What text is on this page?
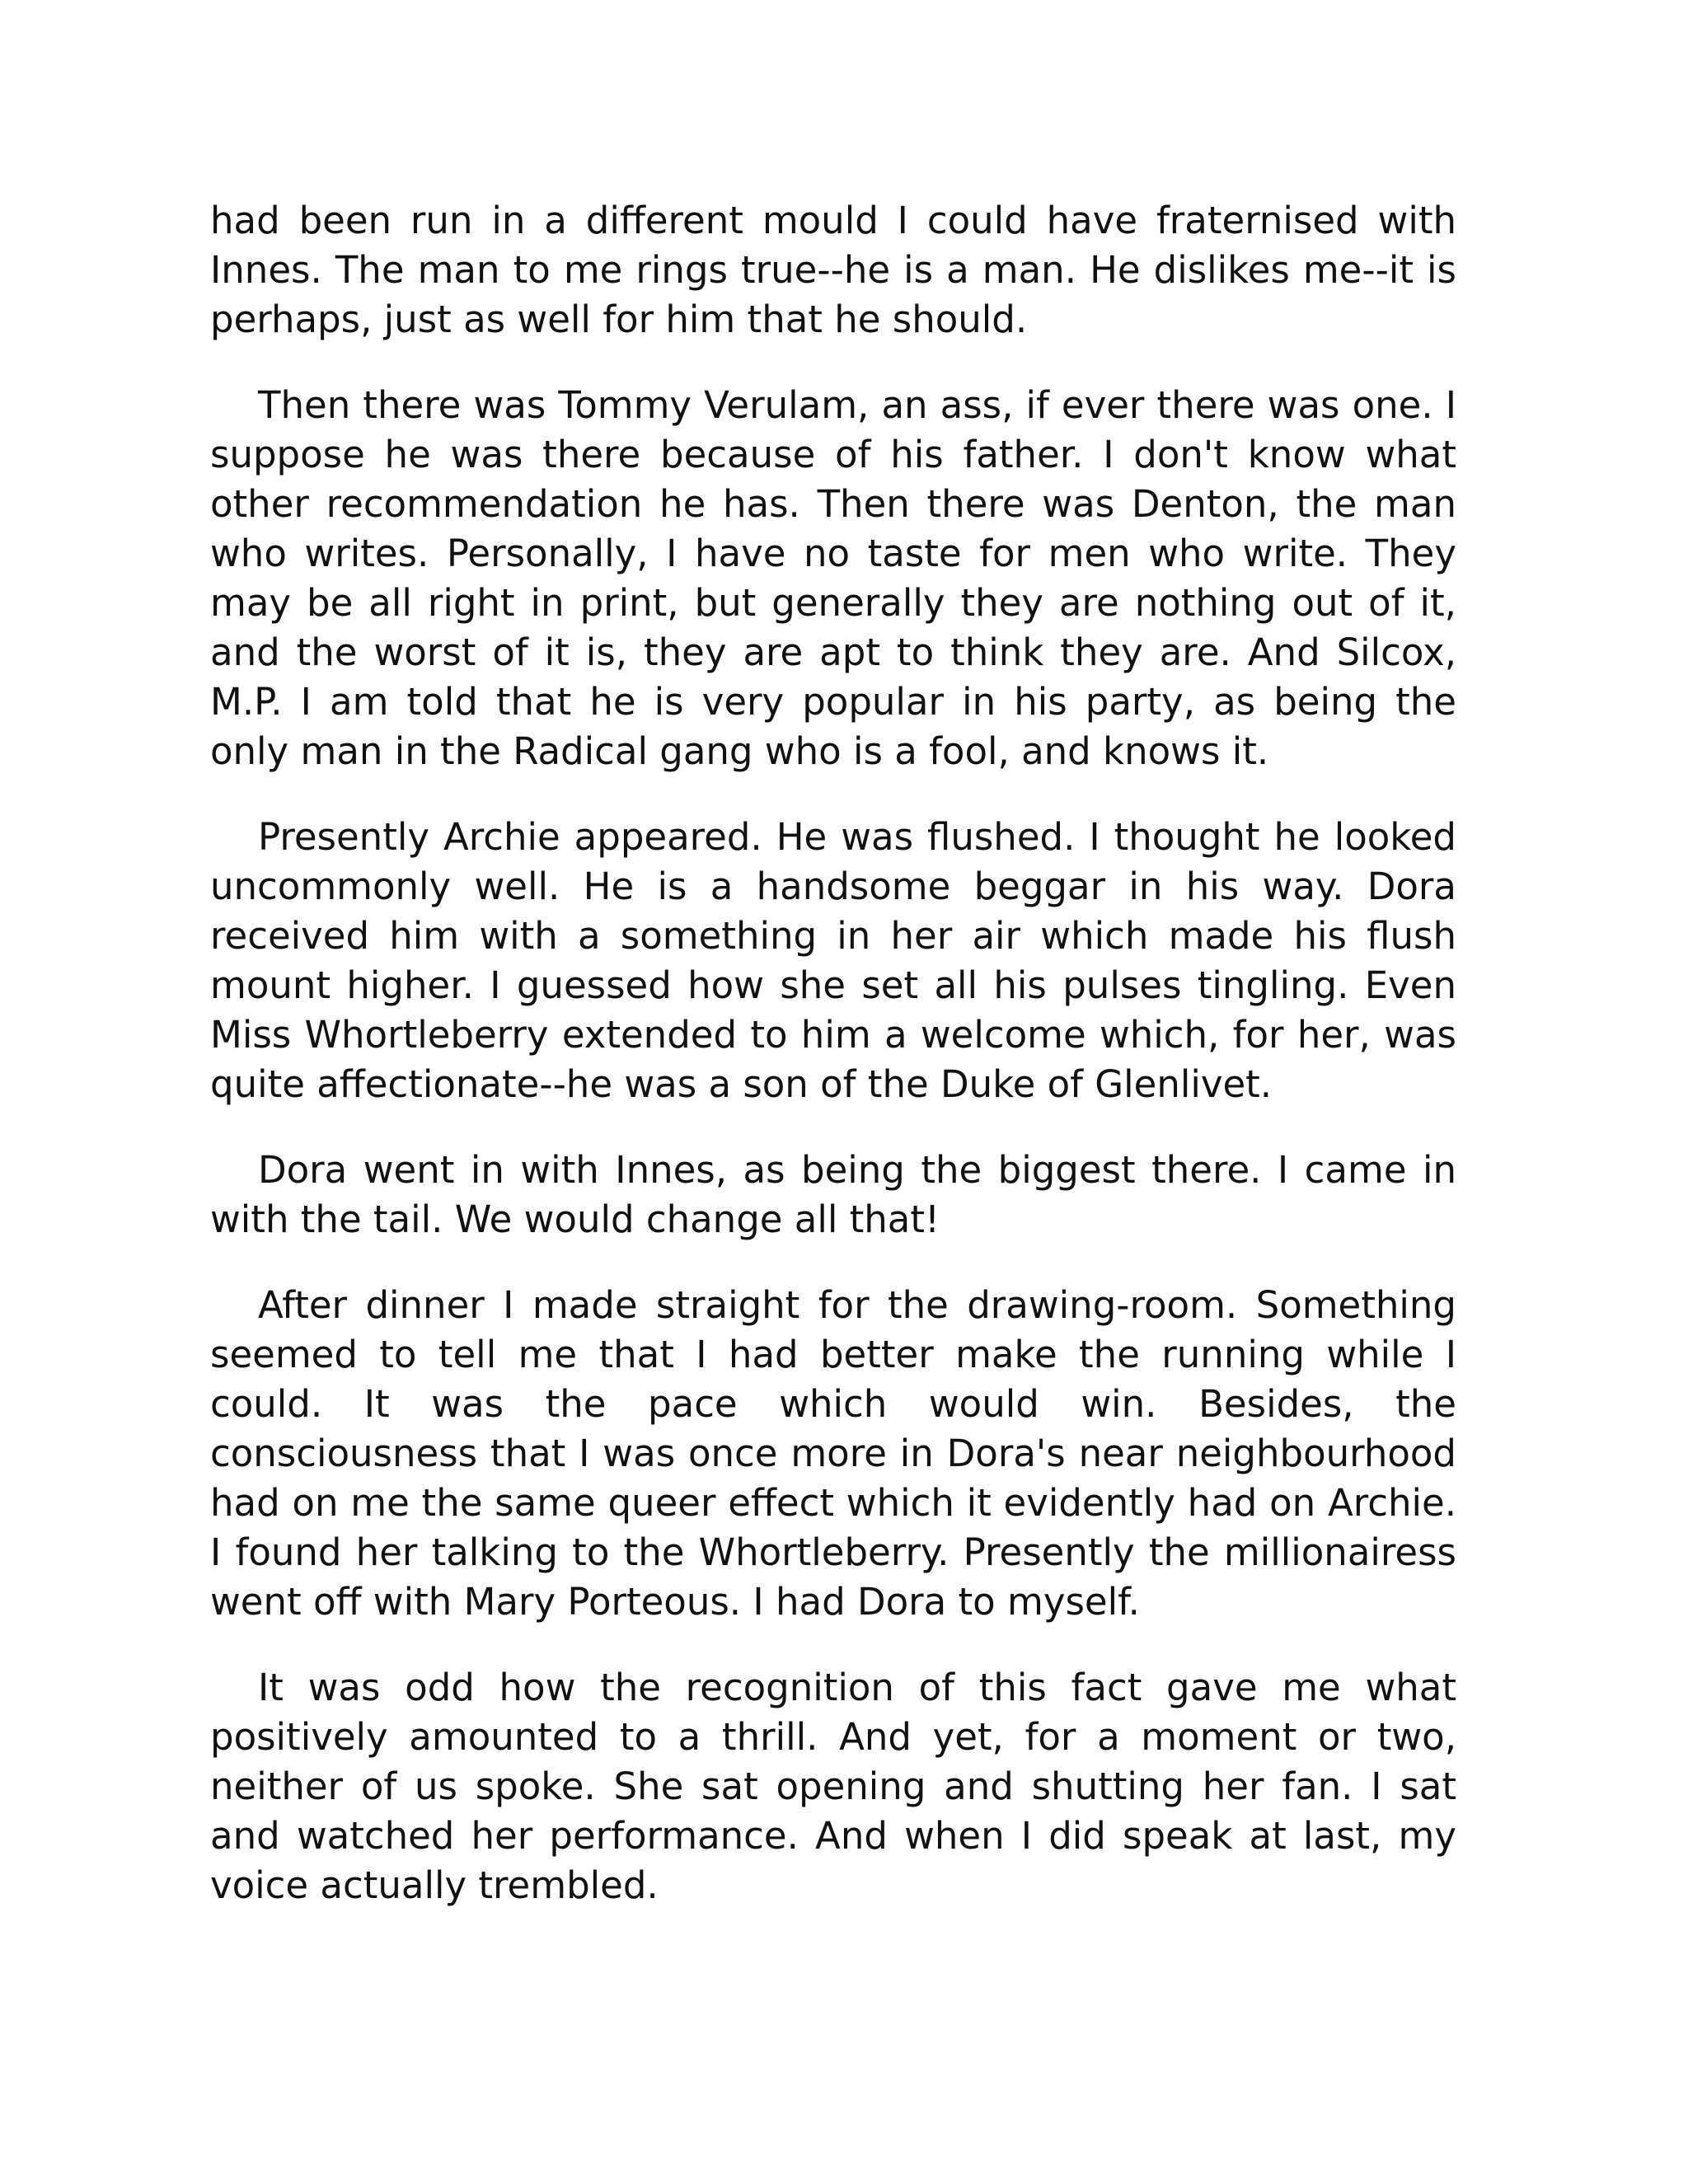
had been run in a different mould I could have fraternised with Innes. The man to me rings true--he is a man. He dislikes me--it is perhaps, just as well for him that he should.

Then there was Tommy Verulam, an ass, if ever there was one. I suppose he was there because of his father. I don't know what other recommendation he has. Then there was Denton, the man who writes. Personally, I have no taste for men who write. They may be all right in print, but generally they are nothing out of it, and the worst of it is, they are apt to think they are. And Silcox, M.P. I am told that he is very popular in his party, as being the only man in the Radical gang who is a fool, and knows it.

Presently Archie appeared. He was flushed. I thought he looked uncommonly well. He is a handsome beggar in his way. Dora received him with a something in her air which made his flush mount higher. I guessed how she set all his pulses tingling. Even Miss Whortleberry extended to him a welcome which, for her, was quite affectionate--he was a son of the Duke of Glenlivet.

Dora went in with Innes, as being the biggest there. I came in with the tail. We would change all that!

After dinner I made straight for the drawing-room. Something seemed to tell me that I had better make the running while I could. It was the pace which would win. Besides, the consciousness that I was once more in Dora's near neighbourhood had on me the same queer effect which it evidently had on Archie. I found her talking to the Whortleberry. Presently the millionairess went off with Mary Porteous. I had Dora to myself.

It was odd how the recognition of this fact gave me what positively amounted to a thrill. And yet, for a moment or two, neither of us spoke. She sat opening and shutting her fan. I sat and watched her performance. And when I did speak at last, my voice actually trembled.
